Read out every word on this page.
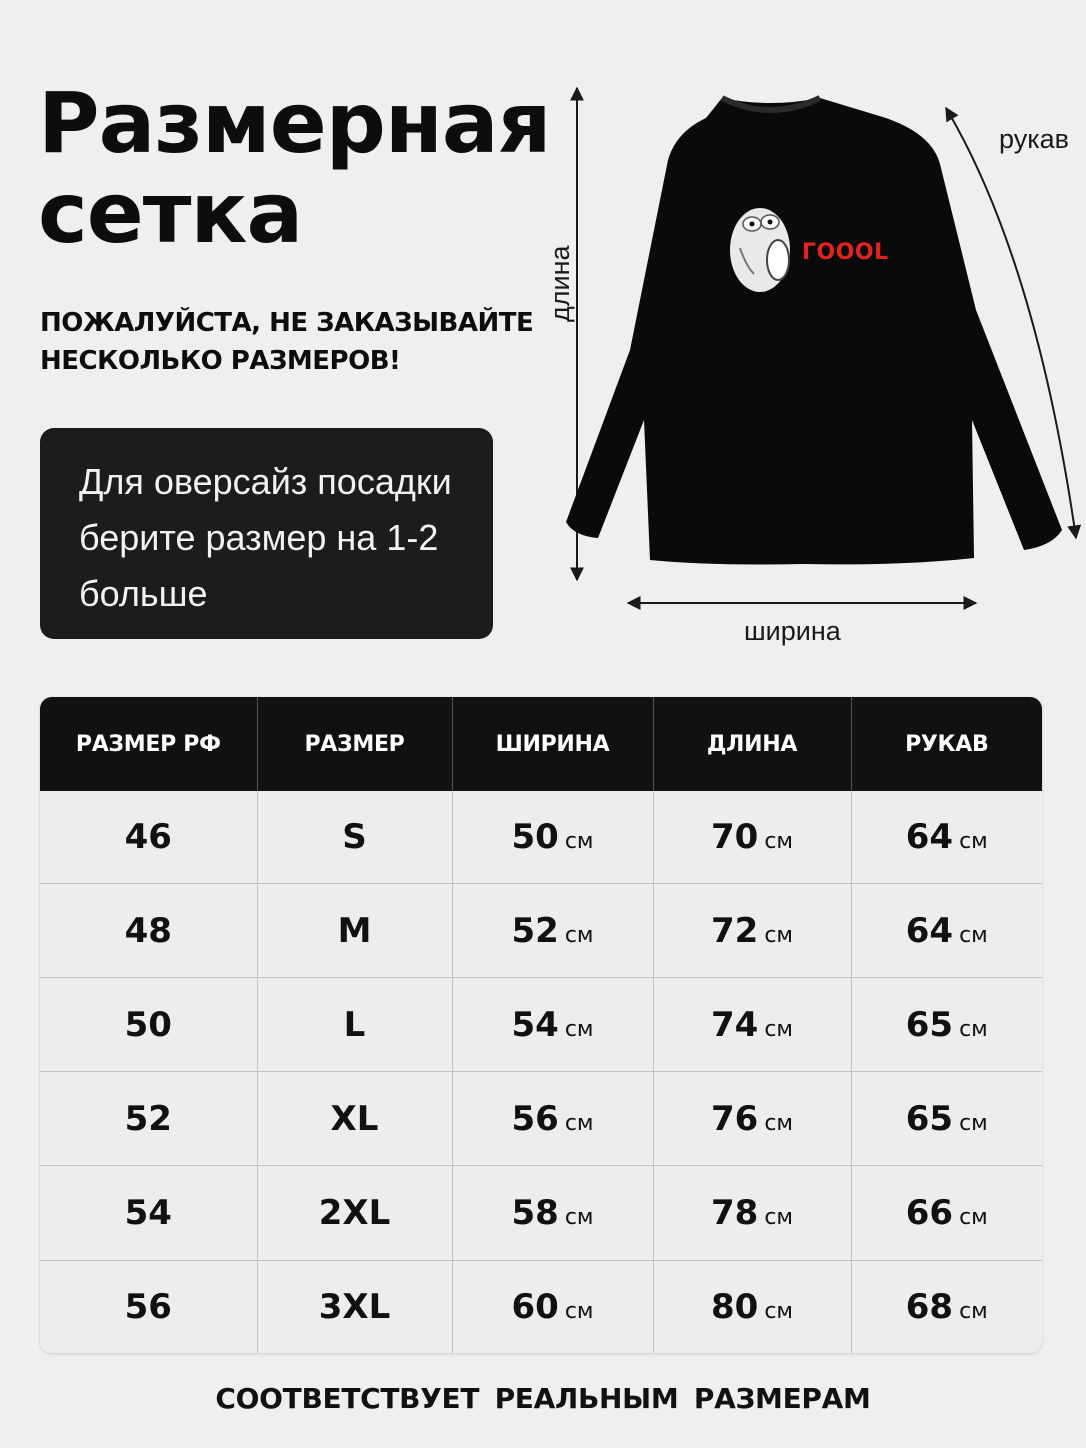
Размерная
сетка
ПОЖАЛУЙСТА, НЕ ЗАКАЗЫВАЙТЕ
НЕСКОЛЬКО РАЗМЕРОВ!
Для оверсайз посадки
берите размер на 1-2
больше
ГОOOL
рукав
длина
ширина
РАЗМЕР РФ	РАЗМЕР	ШИРИНА	ДЛИНА	РУКАВ
46	S	50 см	70 см	64 см
48	M	52 см	72 см	64 см
50	L	54 см	74 см	65 см
52	XL	56 см	76 см	65 см
54	2XL	58 см	78 см	66 см
56	3XL	60 см	80 см	68 см
СООТВЕТСТВУЕТ РЕАЛЬНЫМ РАЗМЕРАМ
